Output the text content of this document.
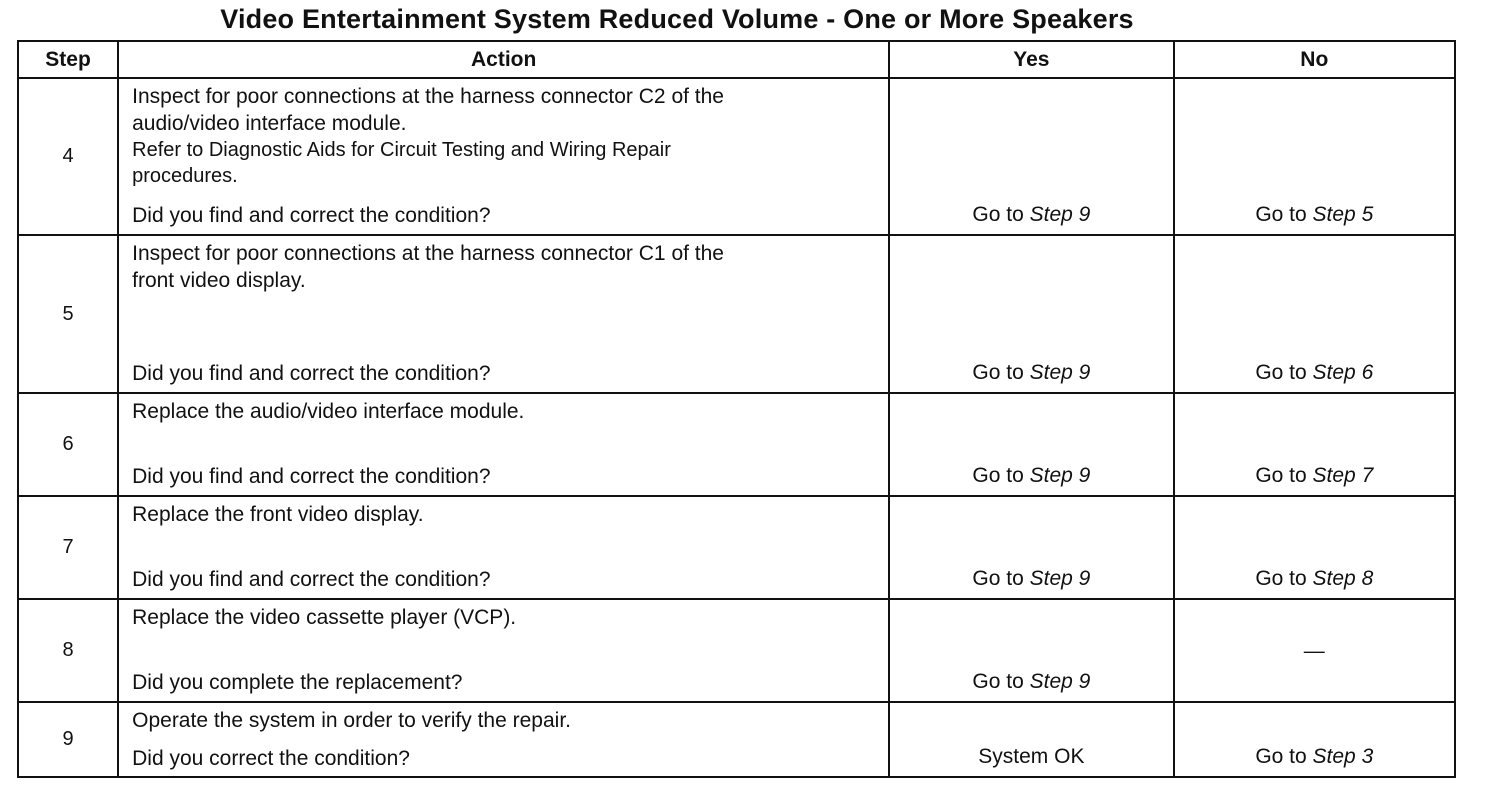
Video Entertainment System Reduced Volume - One or More Speakers
Step	Action	Yes	No
4	Inspect for poor connections at the harness connector C2 of the
audio/video interface module.
Refer to Diagnostic Aids for Circuit Testing and Wiring Repair
procedures.
Did you find and correct the condition?	Go to Step 9	Go to Step 5

5	Inspect for poor connections at the harness connector C1 of the
front video display.
Did you find and correct the condition?	Go to Step 9	Go to Step 6

6	Replace the audio/video interface module.
Did you find and correct the condition?	Go to Step 9	Go to Step 7

7	Replace the front video display.
Did you find and correct the condition?	Go to Step 9	Go to Step 8

8	Replace the video cassette player (VCP).
Did you complete the replacement?	Go to Step 9	—

9	Operate the system in order to verify the repair.
Did you correct the condition?	System OK	Go to Step 3
